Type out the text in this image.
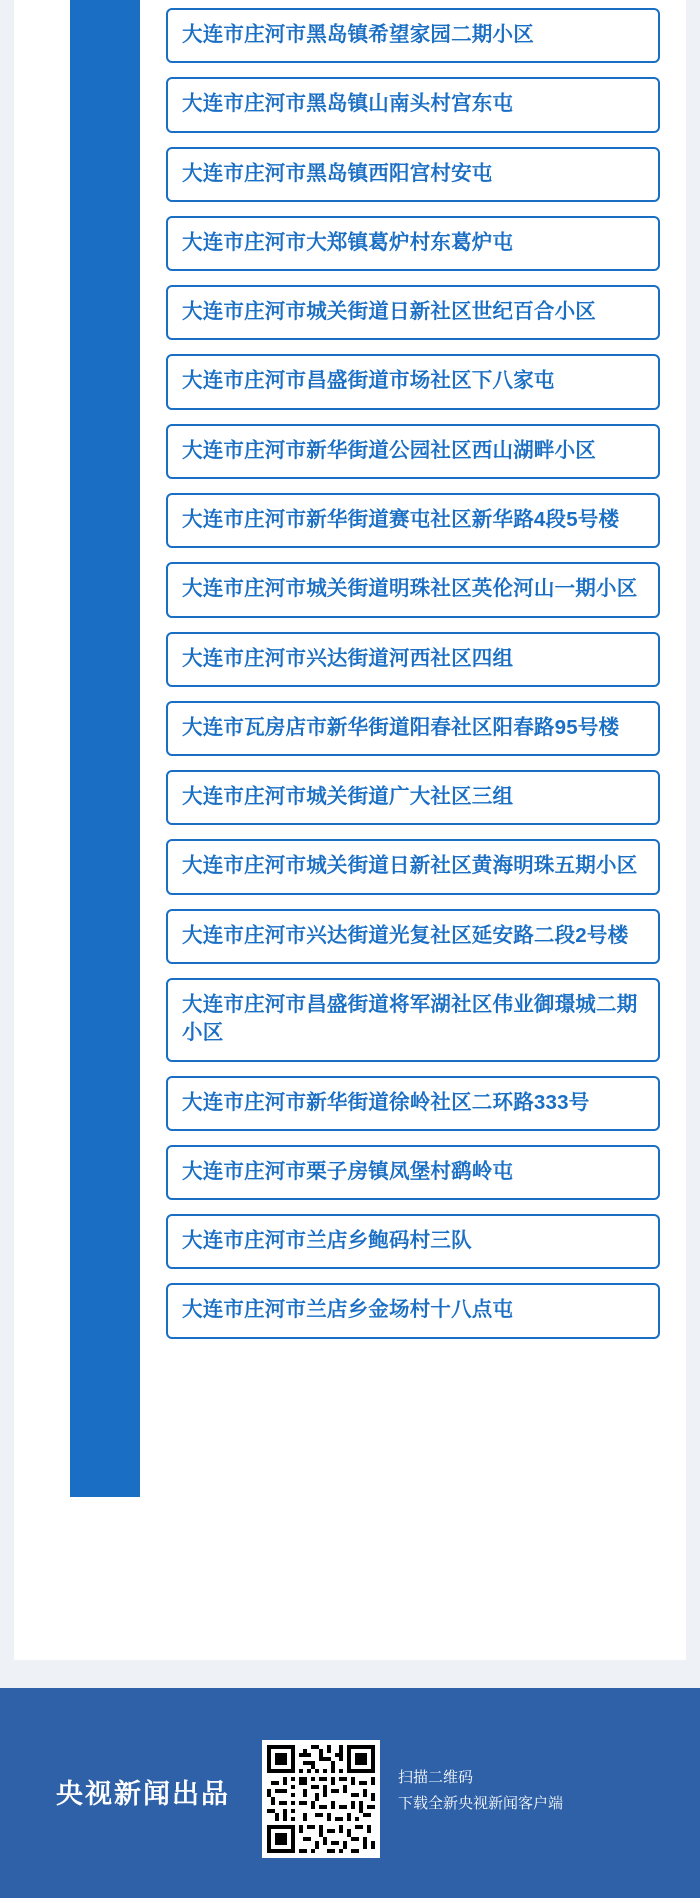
大连市庄河市黑岛镇希望家园二期小区
大连市庄河市黑岛镇山南头村宫东屯
大连市庄河市黑岛镇西阳宫村安屯
大连市庄河市大郑镇葛炉村东葛炉屯
大连市庄河市城关街道日新社区世纪百合小区
大连市庄河市昌盛街道市场社区下八家屯
大连市庄河市新华街道公园社区西山湖畔小区
大连市庄河市新华街道赛屯社区新华路4段5号楼
大连市庄河市城关街道明珠社区英伦河山一期小区
大连市庄河市兴达街道河西社区四组
大连市瓦房店市新华街道阳春社区阳春路95号楼
大连市庄河市城关街道广大社区三组
大连市庄河市城关街道日新社区黄海明珠五期小区
大连市庄河市兴达街道光复社区延安路二段2号楼
大连市庄河市昌盛街道将军湖社区伟业御璟城二期小区
大连市庄河市新华街道徐岭社区二环路333号
大连市庄河市栗子房镇凤堡村鹞岭屯
大连市庄河市兰店乡鲍码村三队
大连市庄河市兰店乡金场村十八点屯
央视新闻出品
扫描二维码
下载全新央视新闻客户端
